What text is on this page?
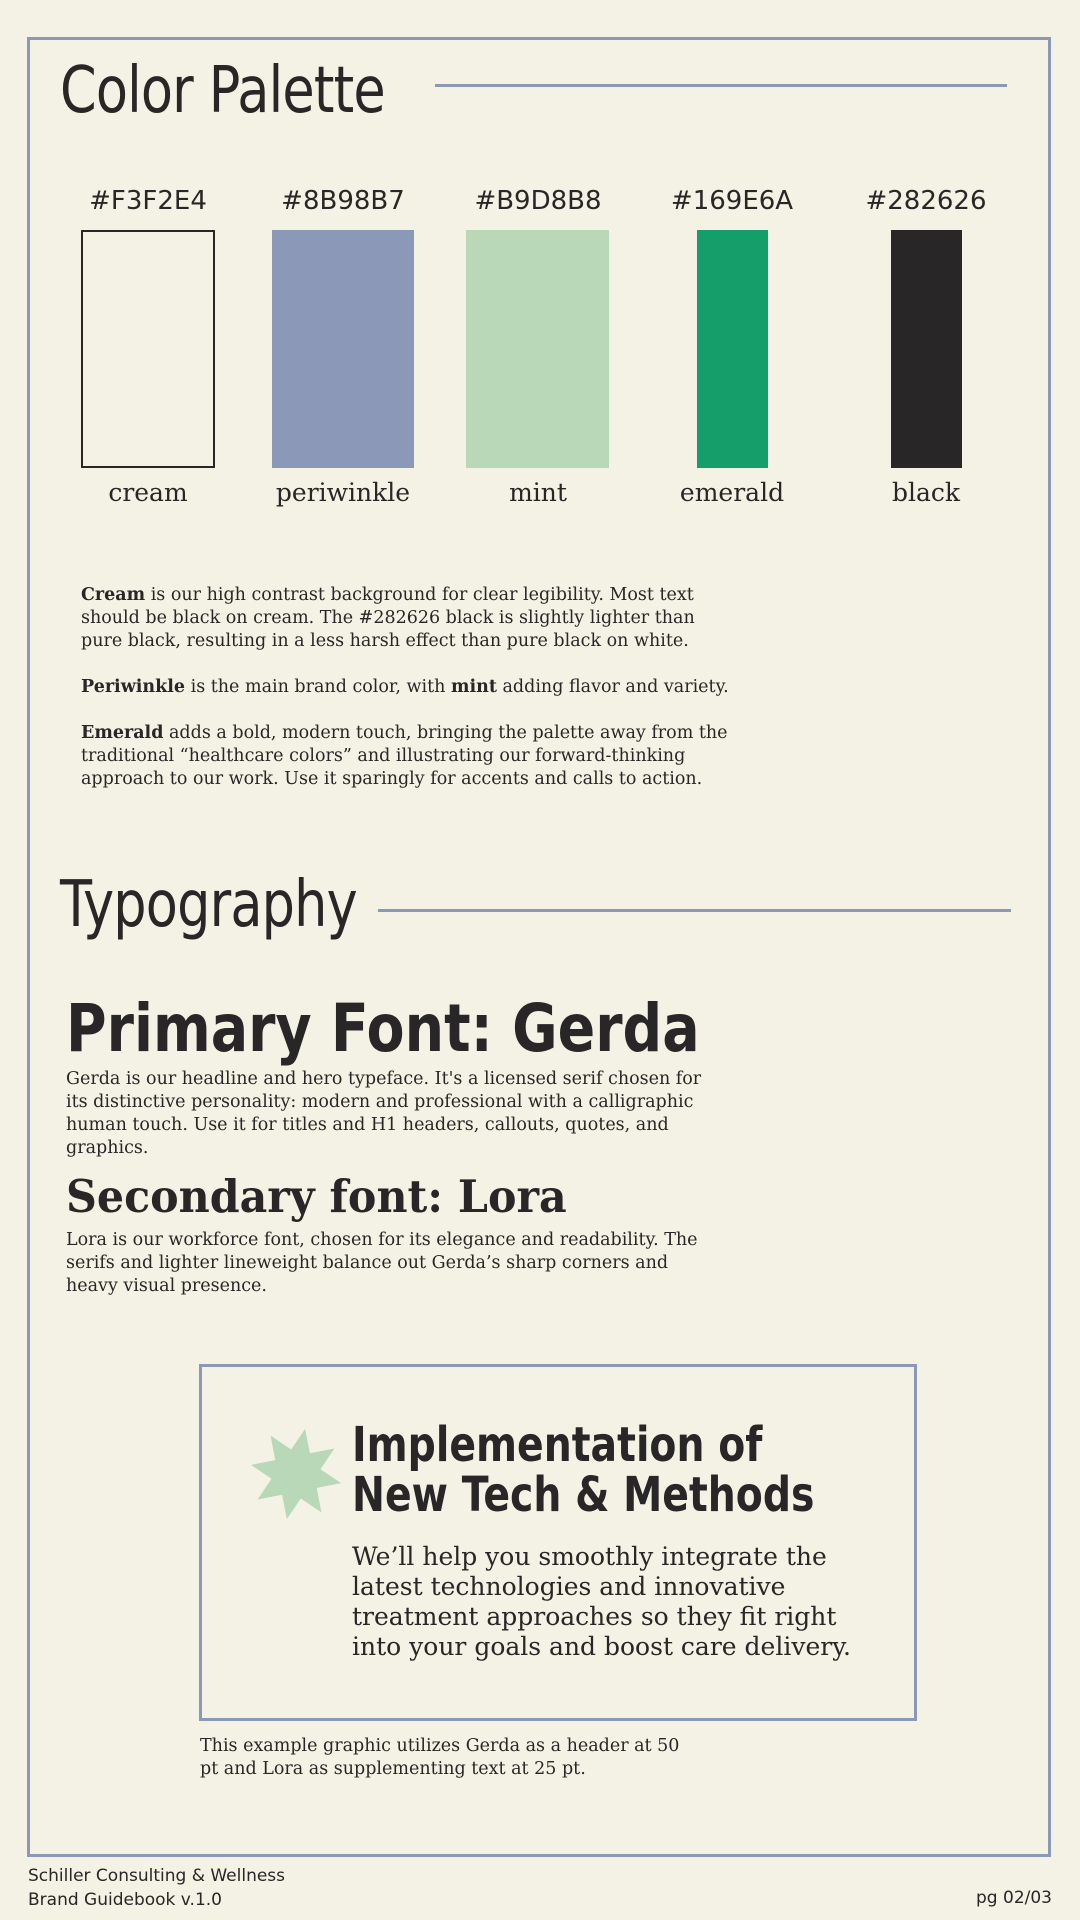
Color Palette
#F3F2E4	#8B98B7	#B9D8B8	#169E6A	#282626
cream	periwinkle	mint	emerald	black

Cream is our high contrast background for clear legibility. Most text should be black on cream. The #282626 black is slightly lighter than pure black, resulting in a less harsh effect than pure black on white.

Periwinkle is the main brand color, with mint adding flavor and variety.

Emerald adds a bold, modern touch, bringing the palette away from the traditional “healthcare colors” and illustrating our forward-thinking approach to our work. Use it sparingly for accents and calls to action.

Typography
Primary Font: Gerda

Gerda is our headline and hero typeface. It's a licensed serif chosen for its distinctive personality: modern and professional with a calligraphic human touch. Use it for titles and H1 headers, callouts, quotes, and graphics.

Secondary font: Lora

Lora is our workforce font, chosen for its elegance and readability. The serifs and lighter lineweight balance out Gerda’s sharp corners and heavy visual presence.

Implementation of
New Tech & Methods

We’ll help you smoothly integrate the latest technologies and innovative treatment approaches so they fit right into your goals and boost care delivery.

This example graphic utilizes Gerda as a header at 50 pt and Lora as supplementing text at 25 pt.

Schiller Consulting & Wellness
Brand Guidebook v.1.0	pg 02/03
